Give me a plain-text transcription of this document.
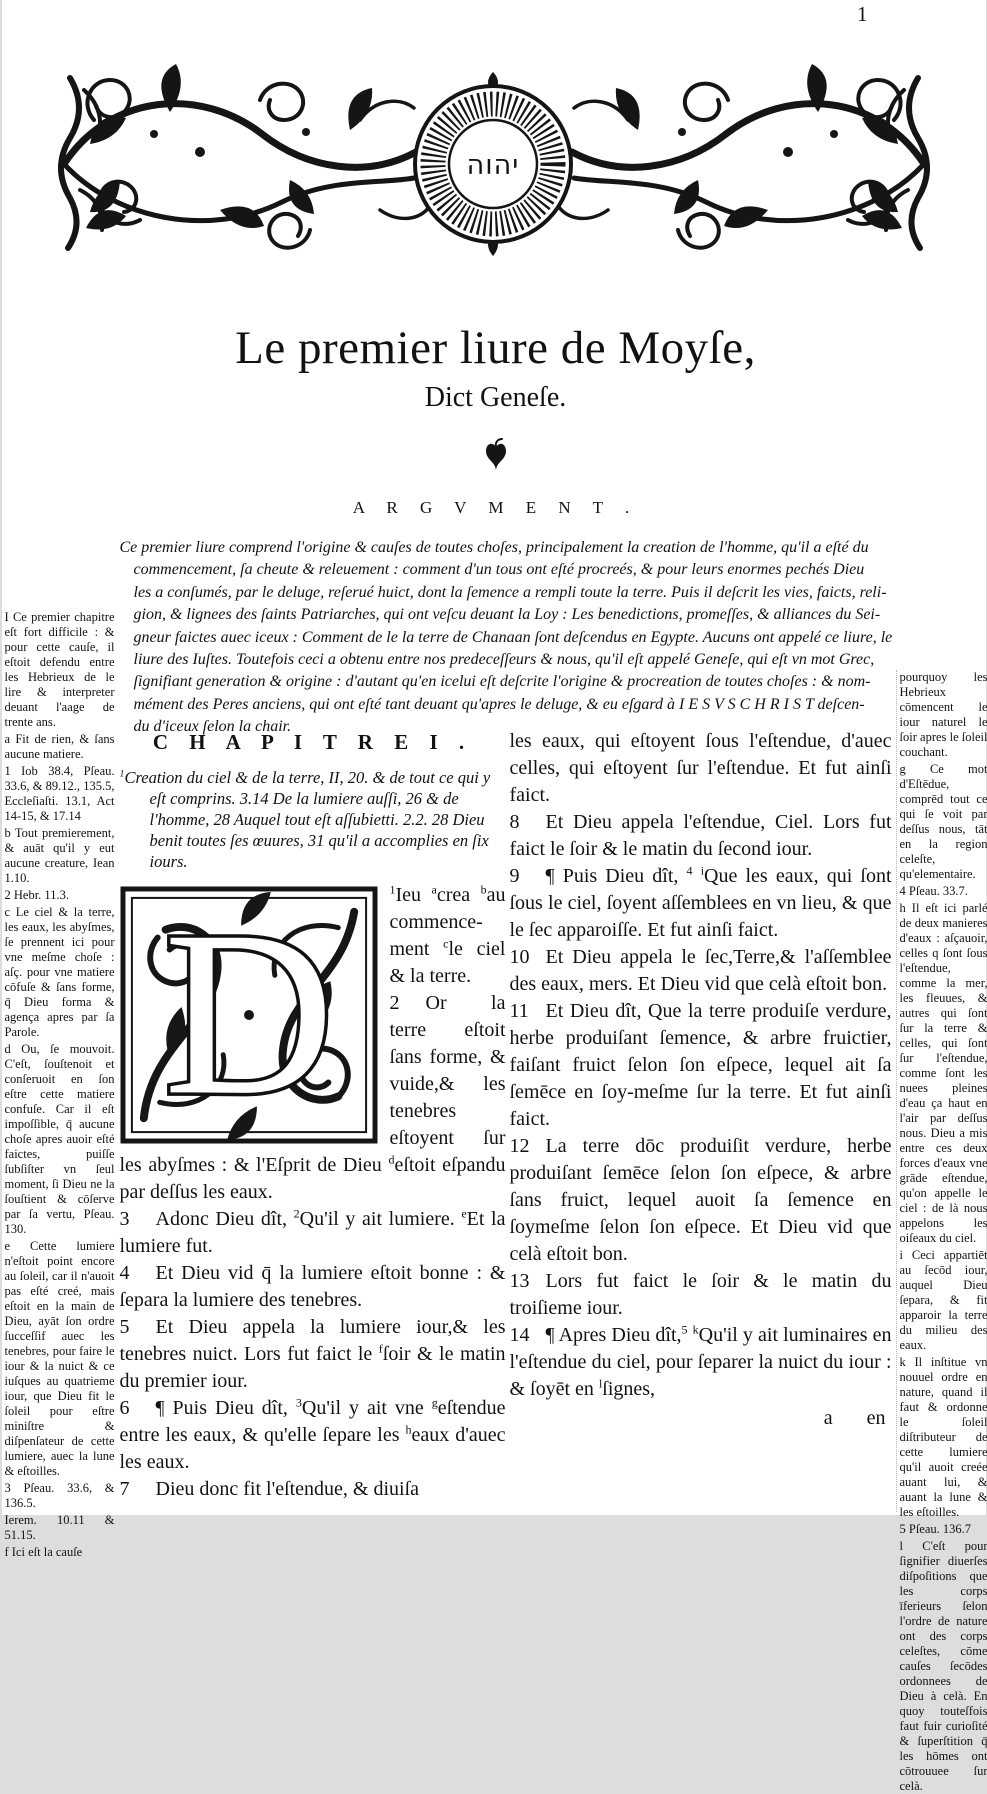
1
יהוה
Le premier liure de Moyſe,
Dict Geneſe.
A R G V M E N T .
Ce premier liure comprend l'origine & cauſes de toutes choſes, principalement la creation de l'homme, qu'il a eſté du
commencement, ſa cheute & releuement : comment d'un tous ont eſté procreés, & pour leurs enormes pechés Dieu
les a conſumés, par le deluge, reſerué huict, dont la ſemence a rempli toute la terre. Puis il deſcrit les vies, faicts, reli-
gion, & lignees des ſaints Patriarches, qui ont veſcu deuant la Loy : Les benedictions, promeſſes, & alliances du Sei-
gneur faictes auec iceux : Comment de le la terre de Chanaan ſont deſcendus en Egypte. Aucuns ont appelé ce liure, le
liure des Iuſtes. Toutefois ceci a obtenu entre nos predeceſſeurs & nous, qu'il eſt appelé Geneſe, qui eſt vn mot Grec,
ſignifiant generation & origine : d'autant qu'en icelui eſt deſcrite l'origine & procreation de toutes choſes : & nom-
mément des Peres anciens, qui ont eſté tant deuant qu'apres le deluge, & eu eſgard à I E S V S C H R I S T deſcen-
du d'iceux ſelon la chair.

I Ce premier chapitre eſt fort difficile : & pour cette cauſe, il eſtoit defendu entre les Hebrieux de le lire & interpreter deuant l'aage de trente ans.

a Fit de rien, & ſans aucune matiere.

1 Iob 38.4, Pſeau. 33.6, & 89.12., 135.5, Eccleſiaſti. 13.1, Act 14-15, & 17.14

b Tout premierement, & auāt qu'il y eut aucune creature, Iean 1.10.

2 Hebr. 11.3.

c Le ciel & la terre, les eaux, les abyſmes, ſe prennent ici pour vne meſme choſe : aſç. pour vne matiere cōfuſe & ſans forme, q̄ Dieu forma & agença apres par ſa Parole.

d Ou, ſe mouvoit. C'eſt, ſouſtenoit et conſeruoit en ſon eſtre cette matiere confuſe. Car il eſt impoſſible, q̄ aucune choſe apres auoir eſté faictes, puiſſe ſubſiſter vn ſeul moment, ſi Dieu ne la ſouſtient & cōſerve par ſa vertu, Pſeau. 130.

e Cette lumiere n'eſtoit point encore au ſoleil, car il n'auoit pas eſté creé, mais eſtoit en la main de Dieu, ayāt ſon ordre ſucceſſif auec les tenebres, pour faire le iour & la nuict & ce iuſques au quatrieme iour, que Dieu fit le ſoleil pour eſtre miniſtre & diſpenſateur de cette lumiere, auec la lune & eſtoilles.

3 Pſeau. 33.6, & 136.5.

Ierem. 10.11 & 51.15.

f Ici eſt la cauſe

pourquoy les Hebrieux cōmencent le iour naturel le ſoir apres le ſoleil couchant.

g Ce mot d'Eſtēdue, comprēd tout ce qui ſe voit par deſſus nous, tāt en la region celeſte, qu'elementaire.

4 Pſeau. 33.7.

h Il eſt ici parlé de deux manieres d'eaux : aſçauoir, celles q ſont ſous l'eſtendue, comme la mer, les fleuues, & autres qui ſont ſur la terre & celles, qui ſont ſur l'eſtendue, comme ſont les nuees pleines d'eau ça haut en l'air par deſſus nous. Dieu a mis entre ces deux forces d'eaux vne grāde eſtendue, qu'on appelle le ciel : de là nous appelons les oiſeaux du ciel.

i Ceci appartiēt au ſecōd iour, auquel Dieu ſepara, & fit apparoir la terre du milieu des eaux.

k Il inſtitue vn nouuel ordre en nature, quand il faut & ordonne le ſoleil diſtributeur de cette lumiere qu'il auoit creée auant lui, & auant la lune & les eſtoilles.

5 Pſeau. 136.7

l C'eſt pour ſignifier diuerſes diſpoſitions que les corps īferieurs ſelon l'ordre de nature ont des corps celeſtes, cōme cauſes ſecōdes ordonnees de Dieu à celà. En quoy touteſfois faut fuir curioſité & ſuperſtition q̄ les hōmes ont cōtrouuee ſur celà.

C H A P I T R E I .

$^1$Creation du ciel & de la terre, II, 20. & de tout ce qui y eſt comprins. 3.14 De la lumiere auſſi, 26 & de l'homme, 28 Auquel tout eſt aſſubietti. 2.2. 28 Dieu benit toutes ſes œuures, 31 qu'il a accomplies en ſix iours.

D	$^1$Ieu $^a$crea $^b$au commence-ment $^c$le ciel & la terre.

2 Or la terre eſtoit ſans forme, & vuide,& les tenebres eſtoyent ſur les abyſmes : & l'Eſprit de Dieu $^d$eſtoit eſpandu par deſſus les eaux.

3 Adonc Dieu dît, $^2$Qu'il y ait lumiere. $^e$Et la lumiere fut.

4 Et Dieu vid q̄ la lumiere eſtoit bonne : & ſepara la lumiere des tenebres.

5 Et Dieu appela la lumiere iour,& les tenebres nuict. Lors fut faict le $^f$ſoir & le matin du premier iour.

6 ¶ Puis Dieu dît, $^3$Qu'il y ait vne $^g$eſtendue entre les eaux, & qu'elle ſepare les $^h$eaux d'auec les eaux.

7 Dieu donc fit l'eſtendue, & diuiſa

les eaux, qui eſtoyent ſous l'eſtendue, d'auec celles, qui eſtoyent ſur l'eſtendue. Et fut ainſi faict.

8 Et Dieu appela l'eſtendue, Ciel. Lors fut faict le ſoir & le matin du ſecond iour.

9 ¶ Puis Dieu dît, $^4$ $^i$Que les eaux, qui ſont ſous le ciel, ſoyent aſſemblees en vn lieu, & que le ſec apparoiſſe. Et fut ainſi faict.

10 Et Dieu appela le ſec,Terre,& l'aſſemblee des eaux, mers. Et Dieu vid que celà eſtoit bon.

11 Et Dieu dît, Que la terre produiſe verdure, herbe produiſant ſemence, & arbre fruictier, faiſant fruict ſelon ſon eſpece, lequel ait ſa ſemēce en ſoy-meſme ſur la terre. Et fut ainſi faict.

12 La terre dōc produiſit verdure, herbe produiſant ſemēce ſelon ſon eſpece, & arbre ſans fruict, lequel auoit ſa ſemence en ſoymeſme ſelon ſon eſpece. Et Dieu vid que celà eſtoit bon.

13 Lors fut faict le ſoir & le matin du troiſieme iour.

14 ¶ Apres Dieu dît,$^5$ $^k$Qu'il y ait luminaires en l'eſtendue du ciel, pour ſeparer la nuict du iour : & ſoyēt en $^l$ſignes,

a en
